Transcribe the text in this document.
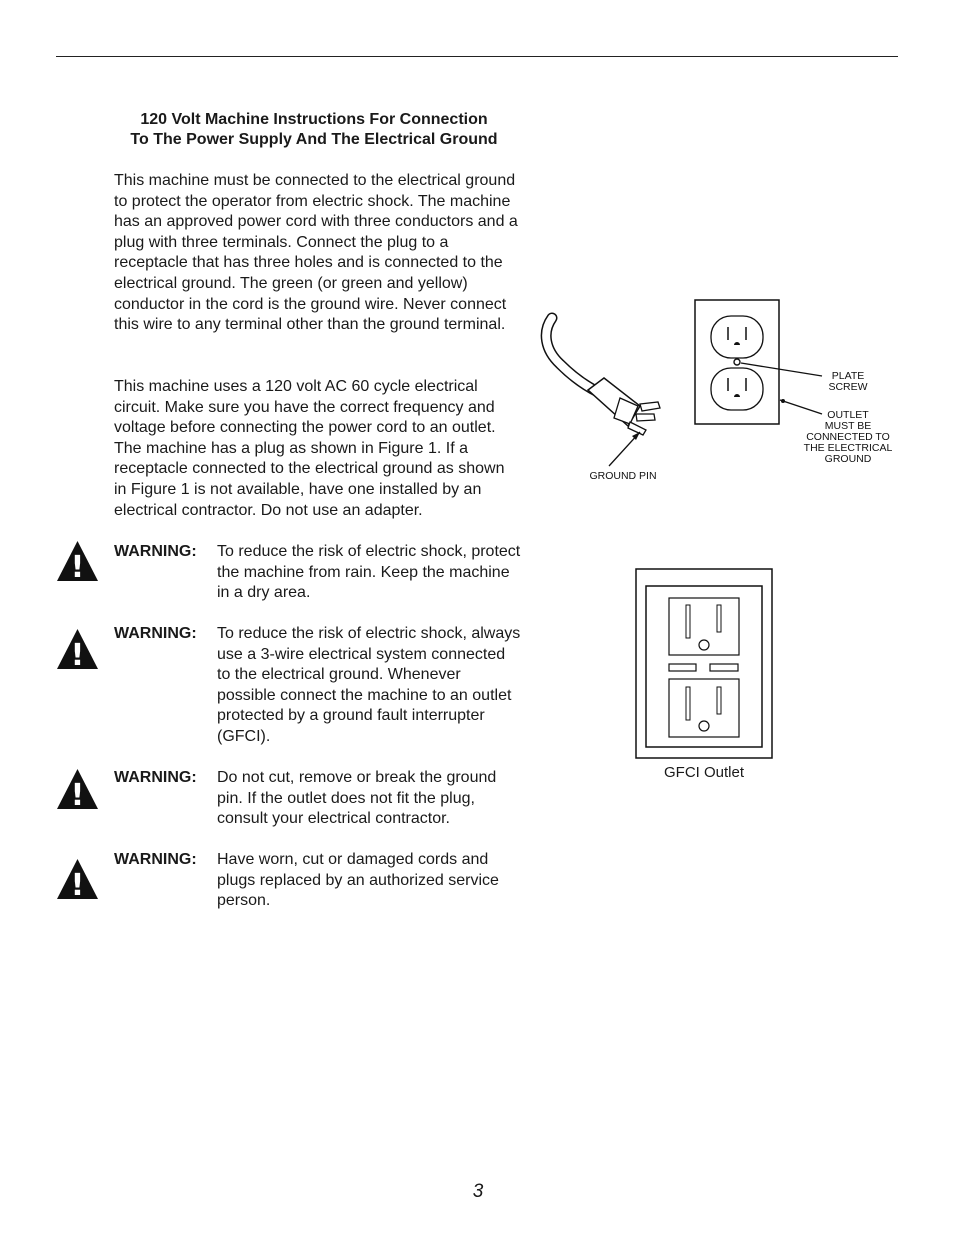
120 Volt Machine Instructions For Connection
To The Power Supply And The Electrical Ground

This machine must be connected to the electrical ground to protect the operator from electric shock. The machine has an approved power cord with three conductors and a plug with three terminals. Connect the plug to a receptacle that has three holes and is connected to the electrical ground. The green (or green and yellow) conductor in the cord is the ground wire. Never connect this wire to any terminal other than the ground terminal.

This machine uses a 120 volt AC 60 cycle electrical circuit. Make sure you have the correct frequency and voltage before connecting the power cord to an outlet. The machine has a plug as shown in Figure 1. If a receptacle connected to the electrical ground as shown in Figure 1 is not available, have one installed by an electrical contractor. Do not use an adapter.

! WARNING: To reduce the risk of electric shock, protect the machine from rain. Keep the machine in a dry area.
!
WARNING: To reduce the risk of electric shock, always use a 3-wire electrical system connected to the electrical ground. Whenever possible connect the machine to an outlet protected by a ground fault interrupter (GFCI).
!
WARNING: Do not cut, remove or break the ground pin. If the outlet does not fit the plug, consult your electrical contractor.
!
WARNING: Have worn, cut or damaged cords and plugs replaced by an authorized service person.
PLATE
SCREW
OUTLET
MUST BE
CONNECTED TO
THE ELECTRICAL
GROUND
GROUND PIN
GFCI Outlet
3
